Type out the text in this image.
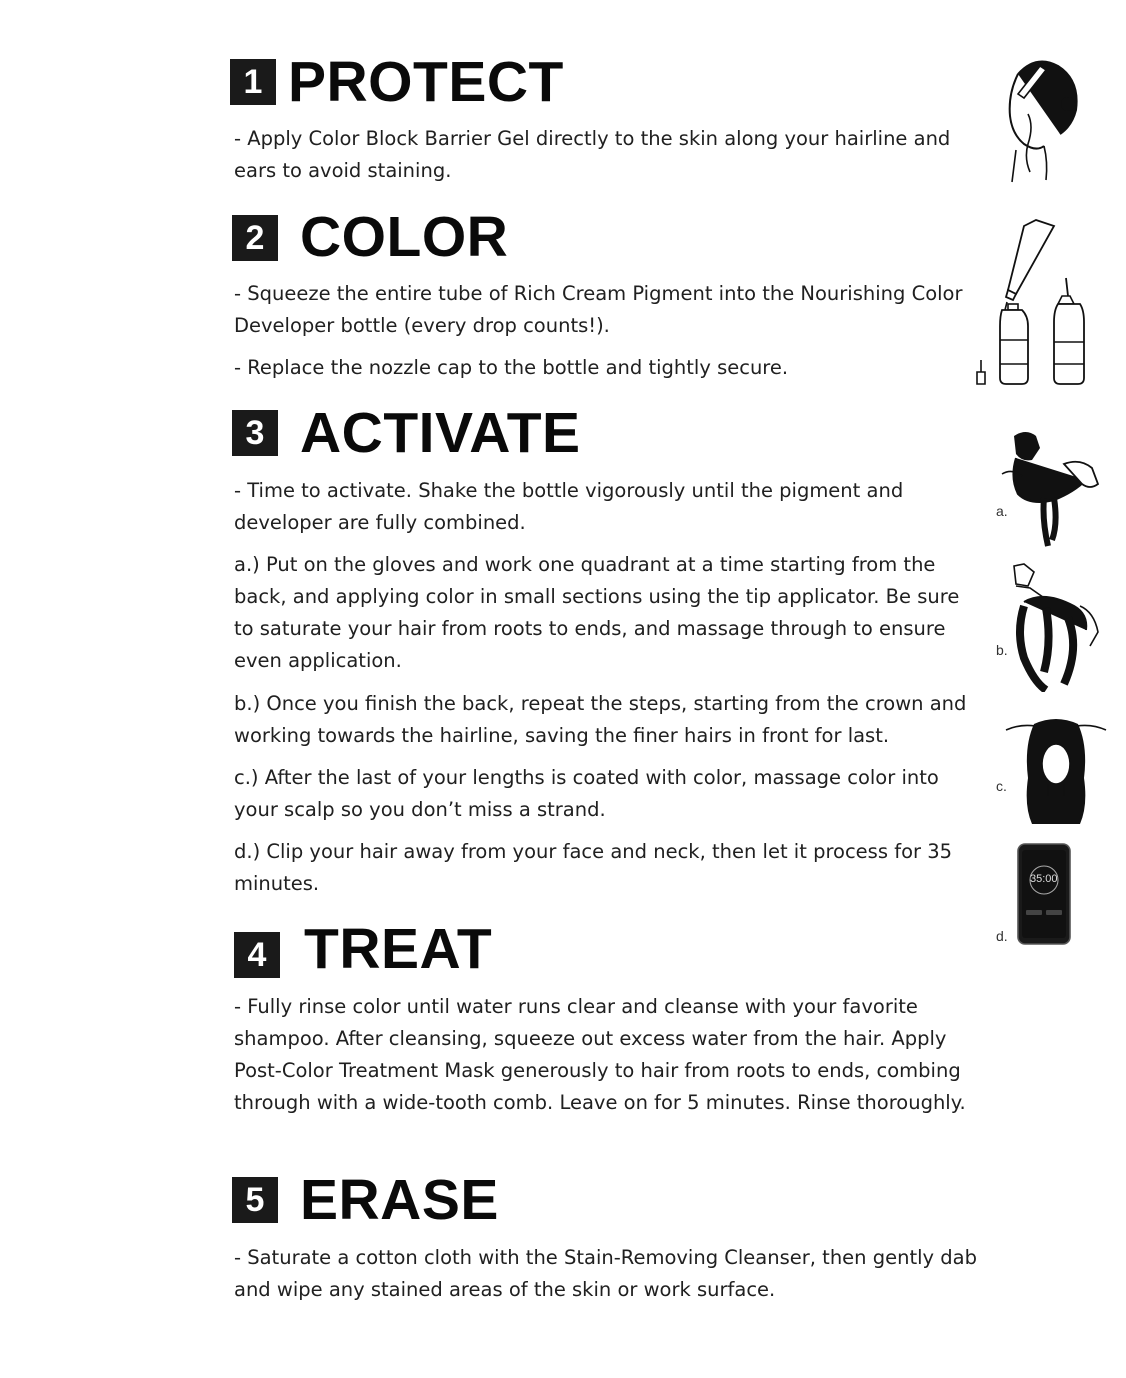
1 PROTECT

- Apply Color Block Barrier Gel directly to the skin along your hairline and ears to avoid staining.

2 COLOR

- Squeeze the entire tube of Rich Cream Pigment into the Nourishing Color Developer bottle (every drop counts!).

- Replace the nozzle cap to the bottle and tightly secure.

3 ACTIVATE

- Time to activate. Shake the bottle vigorously until the pigment and developer are fully combined.

a.) Put on the gloves and work one quadrant at a time starting from the back, and applying color in small sections using the tip applicator. Be sure to saturate your hair from roots to ends, and massage through to ensure even application.

b.) Once you finish the back, repeat the steps, starting from the crown and working towards the hairline, saving the finer hairs in front for last.

c.) After the last of your lengths is coated with color, massage color into your scalp so you don’t miss a strand.

d.) Clip your hair away from your face and neck, then let it process for 35 minutes.

4 TREAT

- Fully rinse color until water runs clear and cleanse with your favorite shampoo. After cleansing, squeeze out excess water from the hair. Apply Post-Color Treatment Mask generously to hair from roots to ends, combing through with a wide-tooth comb. Leave on for 5 minutes. Rinse thoroughly.

5 ERASE

- Saturate a cotton cloth with the Stain-Removing Cleanser, then gently dab and wipe any stained areas of the skin or work surface.

a.
b.
c.
35:00
d.
